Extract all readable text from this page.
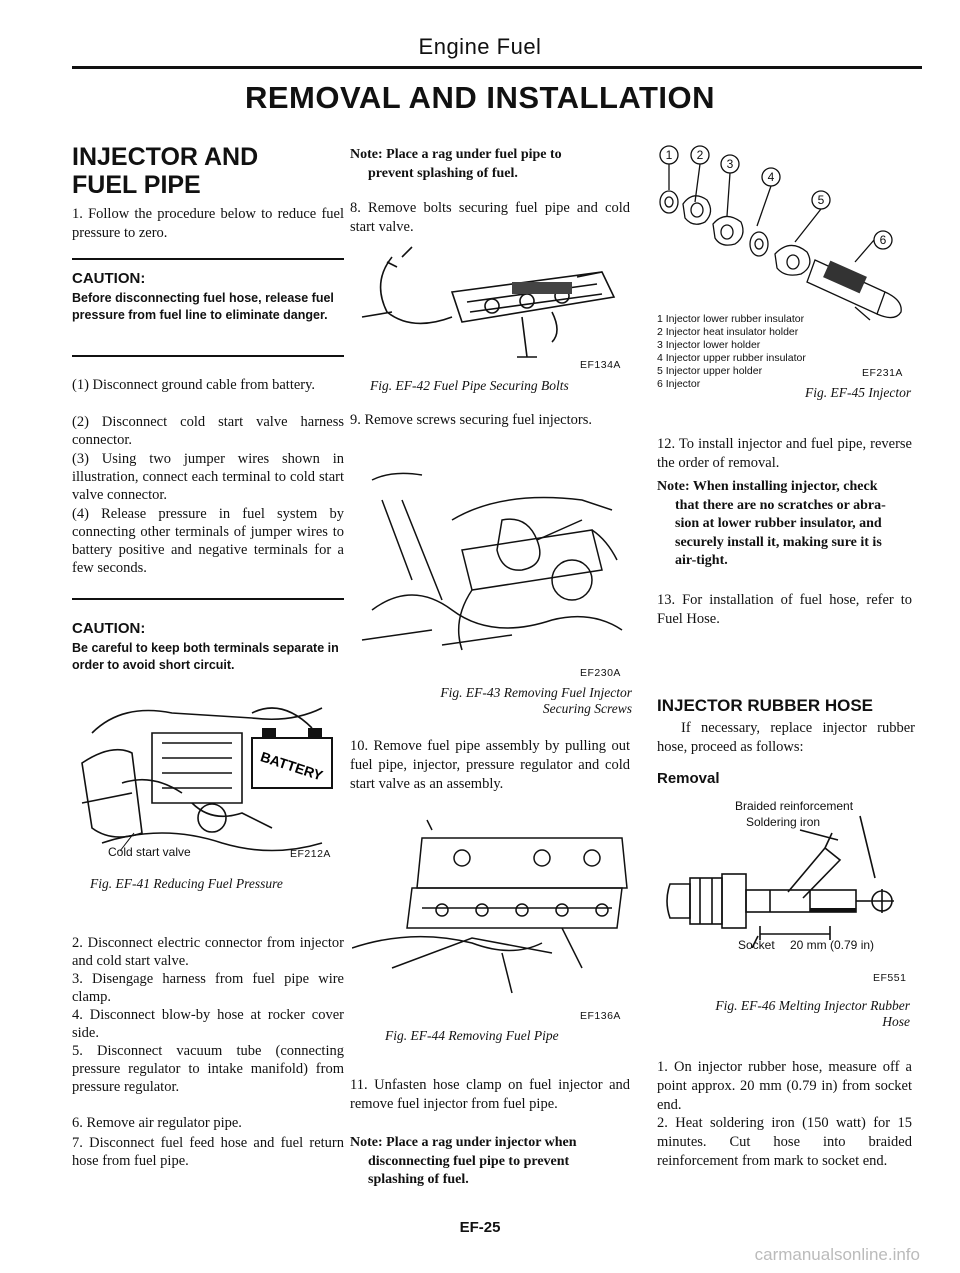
Engine Fuel
REMOVAL AND INSTALLATION
INJECTOR AND
FUEL PIPE
1. Follow the procedure below to reduce fuel pressure to zero.
CAUTION:
Before disconnecting fuel hose, release fuel pressure from fuel line to eliminate danger.
(1) Disconnect ground cable from battery.
(2) Disconnect cold start valve harness connector.
(3) Using two jumper wires shown in illustration, connect each terminal to cold start valve connector.
(4) Release pressure in fuel system by connecting other terminals of jumper wires to battery positive and negative terminals for a few seconds.
CAUTION:
Be careful to keep both terminals separate in order to avoid short circuit.
BATTERY
Cold start valve	EF212A
Fig. EF-41 Reducing Fuel Pressure
2. Disconnect electric connector from injector and cold start valve.
3. Disengage harness from fuel pipe wire clamp.
4. Disconnect blow-by hose at rocker cover side.
5. Disconnect vacuum tube (connecting pressure regulator to intake manifold) from pressure regulator.
6. Remove air regulator pipe.
7. Disconnect fuel feed hose and fuel return hose from fuel pipe.
Note: Place a rag under fuel pipe to
prevent splashing of fuel.
8. Remove bolts securing fuel pipe and cold start valve.
EF134A
Fig. EF-42 Fuel Pipe Securing Bolts
9. Remove screws securing fuel injectors.
EF230A
Fig. EF-43 Removing Fuel Injector
Securing Screws
10. Remove fuel pipe assembly by pulling out fuel pipe, injector, pressure regulator and cold start valve as an assembly.
EF136A
Fig. EF-44 Removing Fuel Pipe
11. Unfasten hose clamp on fuel injector and remove fuel injector from fuel pipe.
Note: Place a rag under injector when
disconnecting fuel pipe to prevent
splashing of fuel.
1 2
3
4
5
6
1 Injector lower rubber insulator
2 Injector heat insulator holder
3 Injector lower holder
4 Injector upper rubber insulator
5 Injector upper holder
6 Injector
EF231A
Fig. EF-45 Injector
12. To install injector and fuel pipe, reverse the order of removal.
Note: When installing injector, check
that there are no scratches or abra-
sion at lower rubber insulator, and
securely install it, making sure it is
air-tight.
13. For installation of fuel hose, refer to Fuel Hose.
INJECTOR RUBBER HOSE
If necessary, replace injector rubber hose, proceed as follows:
Removal
Braided reinforcement
Soldering iron
Socket 20 mm (0.79 in)
EF551
Fig. EF-46 Melting Injector Rubber
Hose
1. On injector rubber hose, measure off a point approx. 20 mm (0.79 in) from socket end.
2. Heat soldering iron (150 watt) for 15 minutes. Cut hose into braided reinforcement from mark to socket end.
EF-25
carmanualsonline.info
